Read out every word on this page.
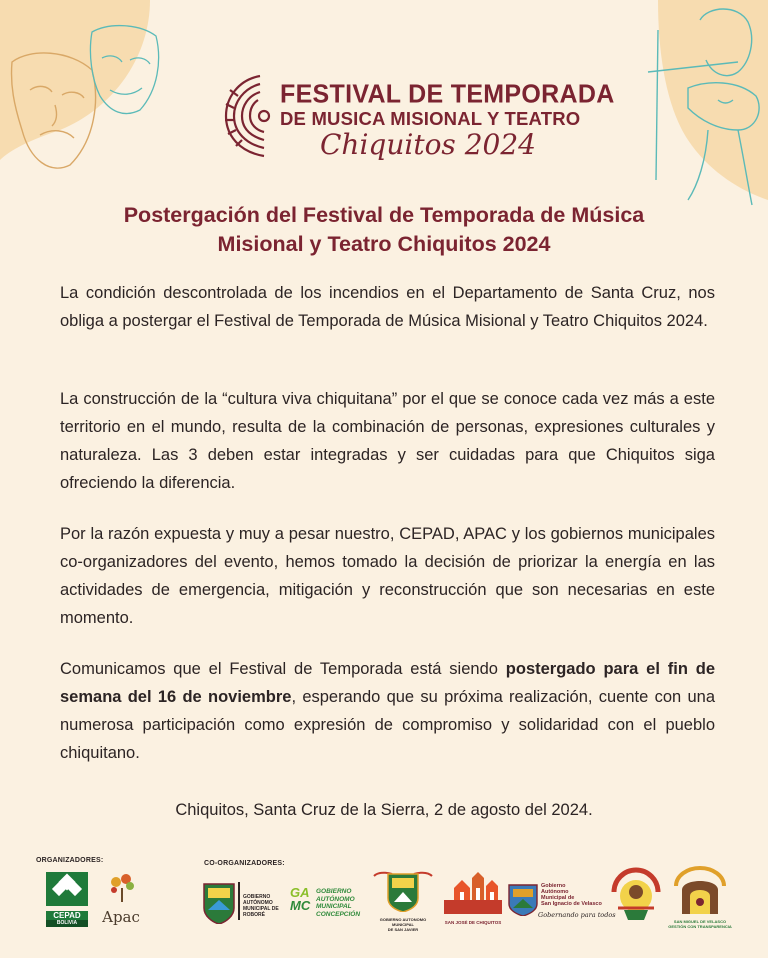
FESTIVAL DE TEMPORADA
DE MUSICA MISIONAL Y TEATRO
Chiquitos 2024
Postergación del Festival de Temporada de Música
Misional y Teatro Chiquitos 2024
La condición descontrolada de los incendios en el Departamento de Santa Cruz, nos obliga a postergar el Festival de Temporada de Música Misional y Teatro Chiquitos 2024.
La construcción de la “cultura viva chiquitana” por el que se conoce cada vez más a este territorio en el mundo, resulta de la combinación de personas, expresiones culturales y naturaleza. Las 3 deben estar integradas y ser cuidadas para que Chiquitos siga ofreciendo la diferencia.
Por la razón expuesta y muy a pesar nuestro, CEPAD, APAC y los gobiernos municipales co-organizadores del evento, hemos tomado la decisión de priorizar la energía en las actividades de emergencia, mitigación y reconstrucción que son necesarias en este momento.
Comunicamos que el Festival de Temporada está siendo postergado para el fin de semana del 16 de noviembre, esperando que su próxima realización, cuente con una numerosa participación como expresión de compromiso y solidaridad con el pueblo chiquitano.
Chiquitos, Santa Cruz de la Sierra, 2 de agosto del 2024.
ORGANIZADORES:	CO-ORGANIZADORES:
CEPAD
BOLIVIA	Apac
GOBIERNO
AUTÓNOMO
MUNICIPAL DE
ROBORÉ
GA
MC
GOBIERNO
AUTÓNOMO
MUNICIPAL
CONCEPCIÓN
GOBIERNO AUTONOMO MUNICIPAL
DE SAN JAVIER
SAN JOSÉ DE CHIQUITOS
Gobierno
Autónomo
Municipal de
San Ignacio de Velasco
Gobernando para todos
SAN MIGUEL DE VELASCO
GESTIÓN CON TRANSPARENCIA
